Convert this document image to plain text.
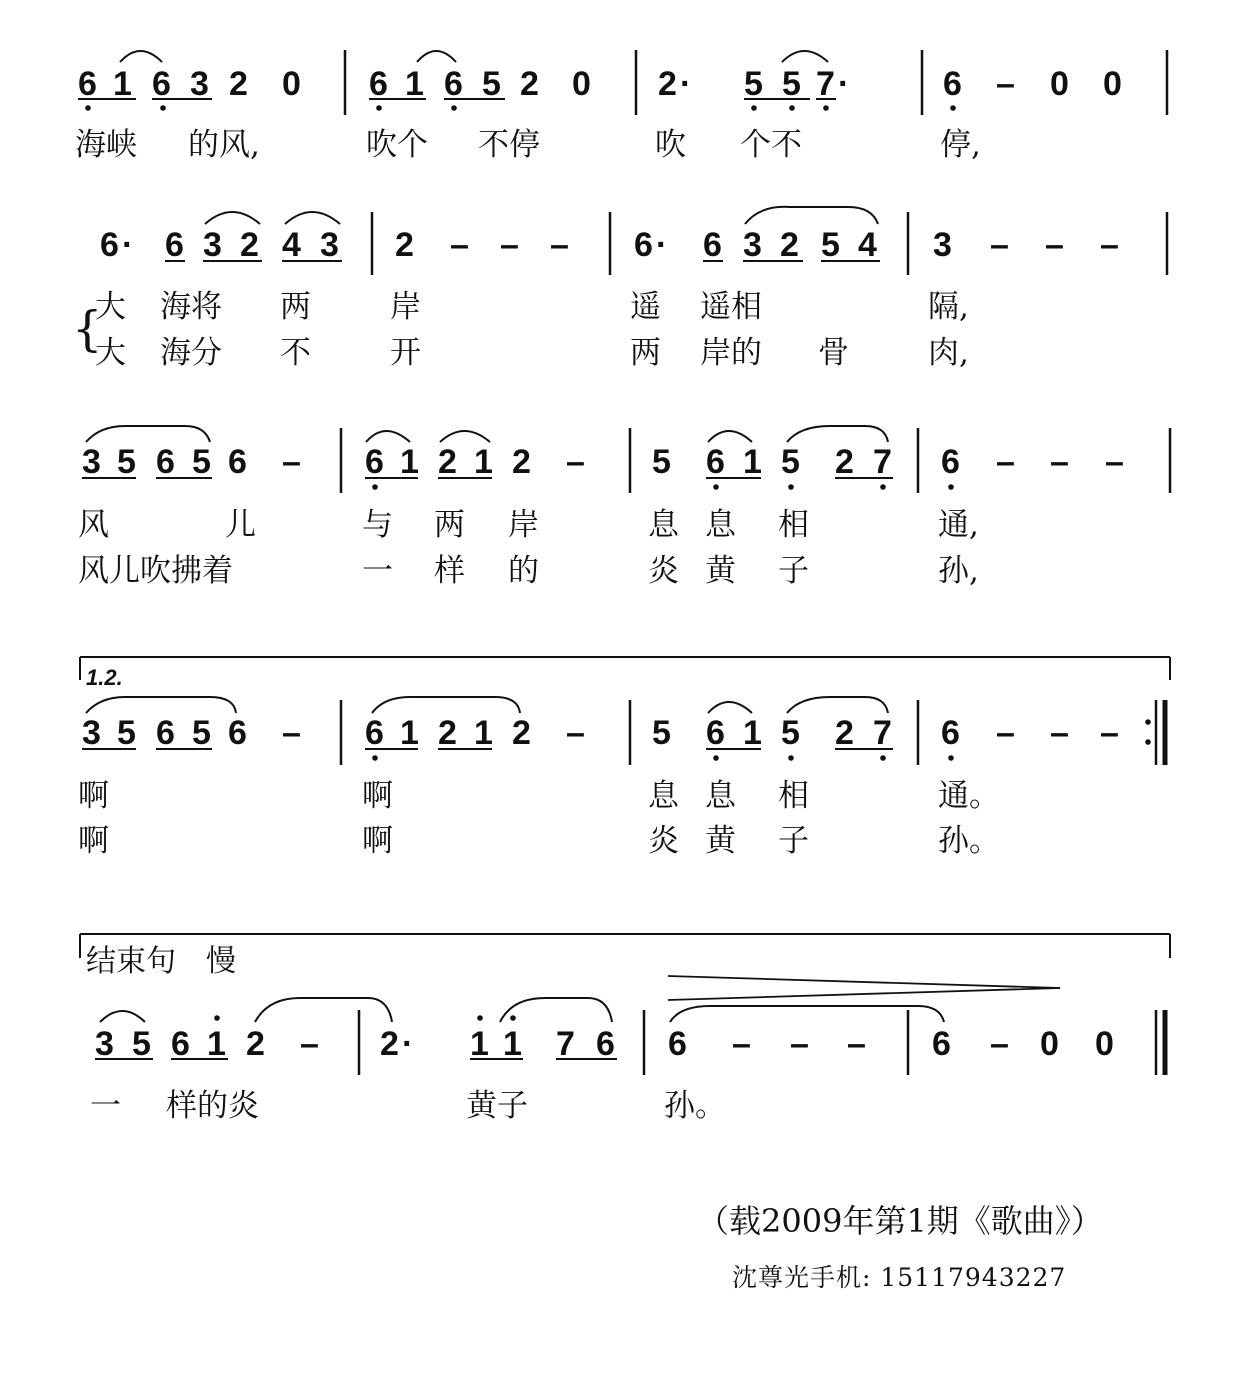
{
6 1 6 3 2 0 6 1 6 5 2 0 2 · 5 5 7 ·	6 – 0 0
6 · 6 3 2 4 3 2 – – – 6 · 6 3 2 5 4 3 – – –
3 5 6 5 6 – 6 1 2 1 2 – 5 6 1 5 2 7 6 – – –
1.2.
3 5 6 5 6 – 6 1 2 1 2 – 5 6 1 5 2 7 6 – – –
3 5 6 1 2 – 2 · 1 1 7 6 6 – – – 6 – 0 0
海峡 的风,	吹个 不停	吹 个不	停,
大 海将 两	岸	遥 遥相	隔,
大 海分 不	开	两 岸的 骨	肉,
风	儿	与 两 岸	息 息 相	通,
风儿吹拂着	一 样 的	炎 黄 子	孙,
啊	啊	息 息 相	通。
啊	啊	炎 黄 子	孙。
结束句 慢
一 样的炎	黄子	孙。
（载2009年第1期《歌曲》）
沈尊光手机: 15117943227
